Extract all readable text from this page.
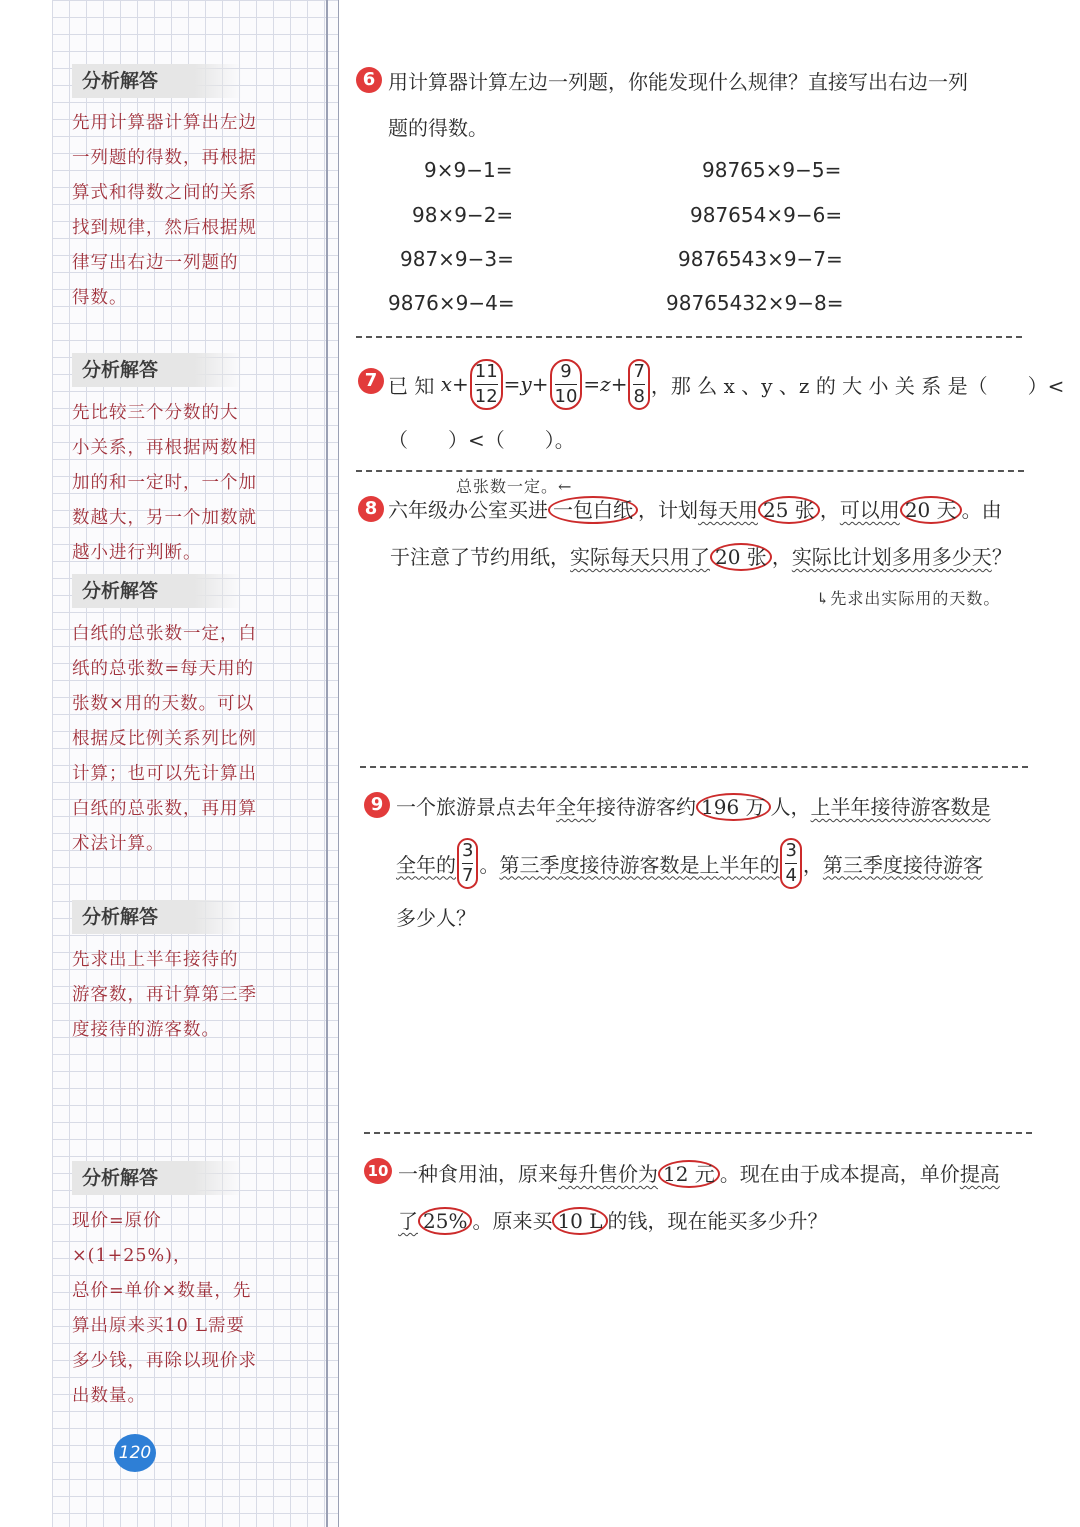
分析解答
先用计算器计算出左边
一列题的得数，再根据
算式和得数之间的关系
找到规律，然后根据规
律写出右边一列题的
得数。
分析解答
先比较三个分数的大
小关系，再根据两数相
加的和一定时，一个加
数越大，另一个加数就
越小进行判断。
分析解答
白纸的总张数一定，白
纸的总张数=每天用的
张数×用的天数。可以
根据反比例关系列比例
计算；也可以先计算出
白纸的总张数，再用算
术法计算。
分析解答
先求出上半年接待的
游客数，再计算第三季
度接待的游客数。
分析解答
现价=原价×(1+25%)，
总价=单价×数量，先
算出原来买10 L需要
多少钱，再除以现价求
出数量。
120
6 用计算器计算左边一列题，你能发现什么规律？直接写出右边一列
题的得数。
9×9−1=
98×9−2=
987×9−3=
9876×9−4=
98765×9−5=
987654×9−6=
9876543×9−7=
98765432×9−8=
7 已 知
$x + \frac{11}{12} =y+ \frac{9}{10} =z+ \frac{7}{8}$ ，那 么 x 、y 、z 的 大 小 关 系 是（　　）<
（　　）<（　　）。
总张数一定。←
8 六年级办公室买进 一包白纸 ，计划每天用 25 张 ，可以用 20 天 。由
于注意了节约用纸，实际每天只用了 20 张 ，实际比计划多用多少天？
↳先求出实际用的天数。
9 一个旅游景点去年全年接待游客约 196 万 人，上半年接待游客数是
全年的 $\frac{3}{7}$ 。 第三季度接待游客数是上半年的 $\frac{3}{4}$ ， 第三季度接待游客
多少人？
10 一种食用油，原来每升售价为 12 元 。现在由于成本提高，单价提高
了 25% 。原来买 10 L 的钱，现在能买多少升？
